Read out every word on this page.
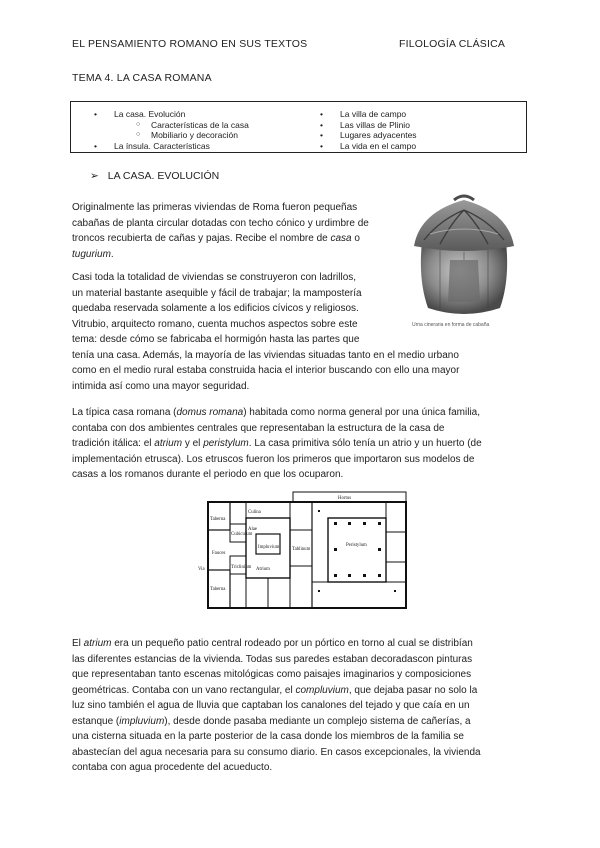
EL PENSAMIENTO ROMANO EN SUS TEXTOS	FILOLOGÍA CLÁSICA
TEMA 4. LA CASA ROMANA
• La casa. Evolución
○ Características de la casa
○ Mobiliario y decoración
• La ínsula. Características
• La villa de campo
• Las villas de Plinio
• Lugares adyacentes
• La vida en el campo
➢ LA CASA. EVOLUCIÓN
Urna cineraria en forma de cabaña
Originalmente las primeras viviendas de Roma fueron pequeñas
cabañas de planta circular dotadas con techo cónico y urdimbre de
troncos recubierta de cañas y pajas. Recibe el nombre de casa o
tugurium.
Casi toda la totalidad de viviendas se construyeron con ladrillos,
un material bastante asequible y fácil de trabajar; la mampostería
quedaba reservada solamente a los edificios cívicos y religiosos.
Vitrubio, arquitecto romano, cuenta muchos aspectos sobre este
tema: desde cómo se fabricaba el hormigón hasta las partes que
tenía una casa. Además, la mayoría de las viviendas situadas tanto en el medio urbano
como en el medio rural estaba construida hacia el interior buscando con ello una mayor
intimida así como una mayor seguridad.
La típica casa romana (domus romana) habitada como norma general por una única familia,
contaba con dos ambientes centrales que representaban la estructura de la casa de
tradición itálica: el atrium y el peristylum. La casa primitiva sólo tenía un atrio y un huerto (de
implementación etrusca). Los etruscos fueron los primeros que importaron sus modelos de
casas a los romanos durante el periodo en que los ocuparon.
Taberna
Taberna
Culina
Cubiculum
Triclinium
Alae
Impluvium
Atrium
Tablinum
Peristylum
Fauces
Via
Hortus
El atrium era un pequeño patio central rodeado por un pórtico en torno al cual se distribían
las diferentes estancias de la vivienda. Todas sus paredes estaban decoradascon pinturas
que representaban tanto escenas mitológicas como paisajes imaginarios y composiciones
geométricas. Contaba con un vano rectangular, el compluvium, que dejaba pasar no solo la
luz sino también el agua de lluvia que captaban los canalones del tejado y que caía en un
estanque (impluvium), desde donde pasaba mediante un complejo sistema de cañerías, a
una cisterna situada en la parte posterior de la casa donde los miembros de la familia se
abastecían del agua necesaria para su consumo diario. En casos excepcionales, la vivienda
contaba con agua procedente del acueducto.
